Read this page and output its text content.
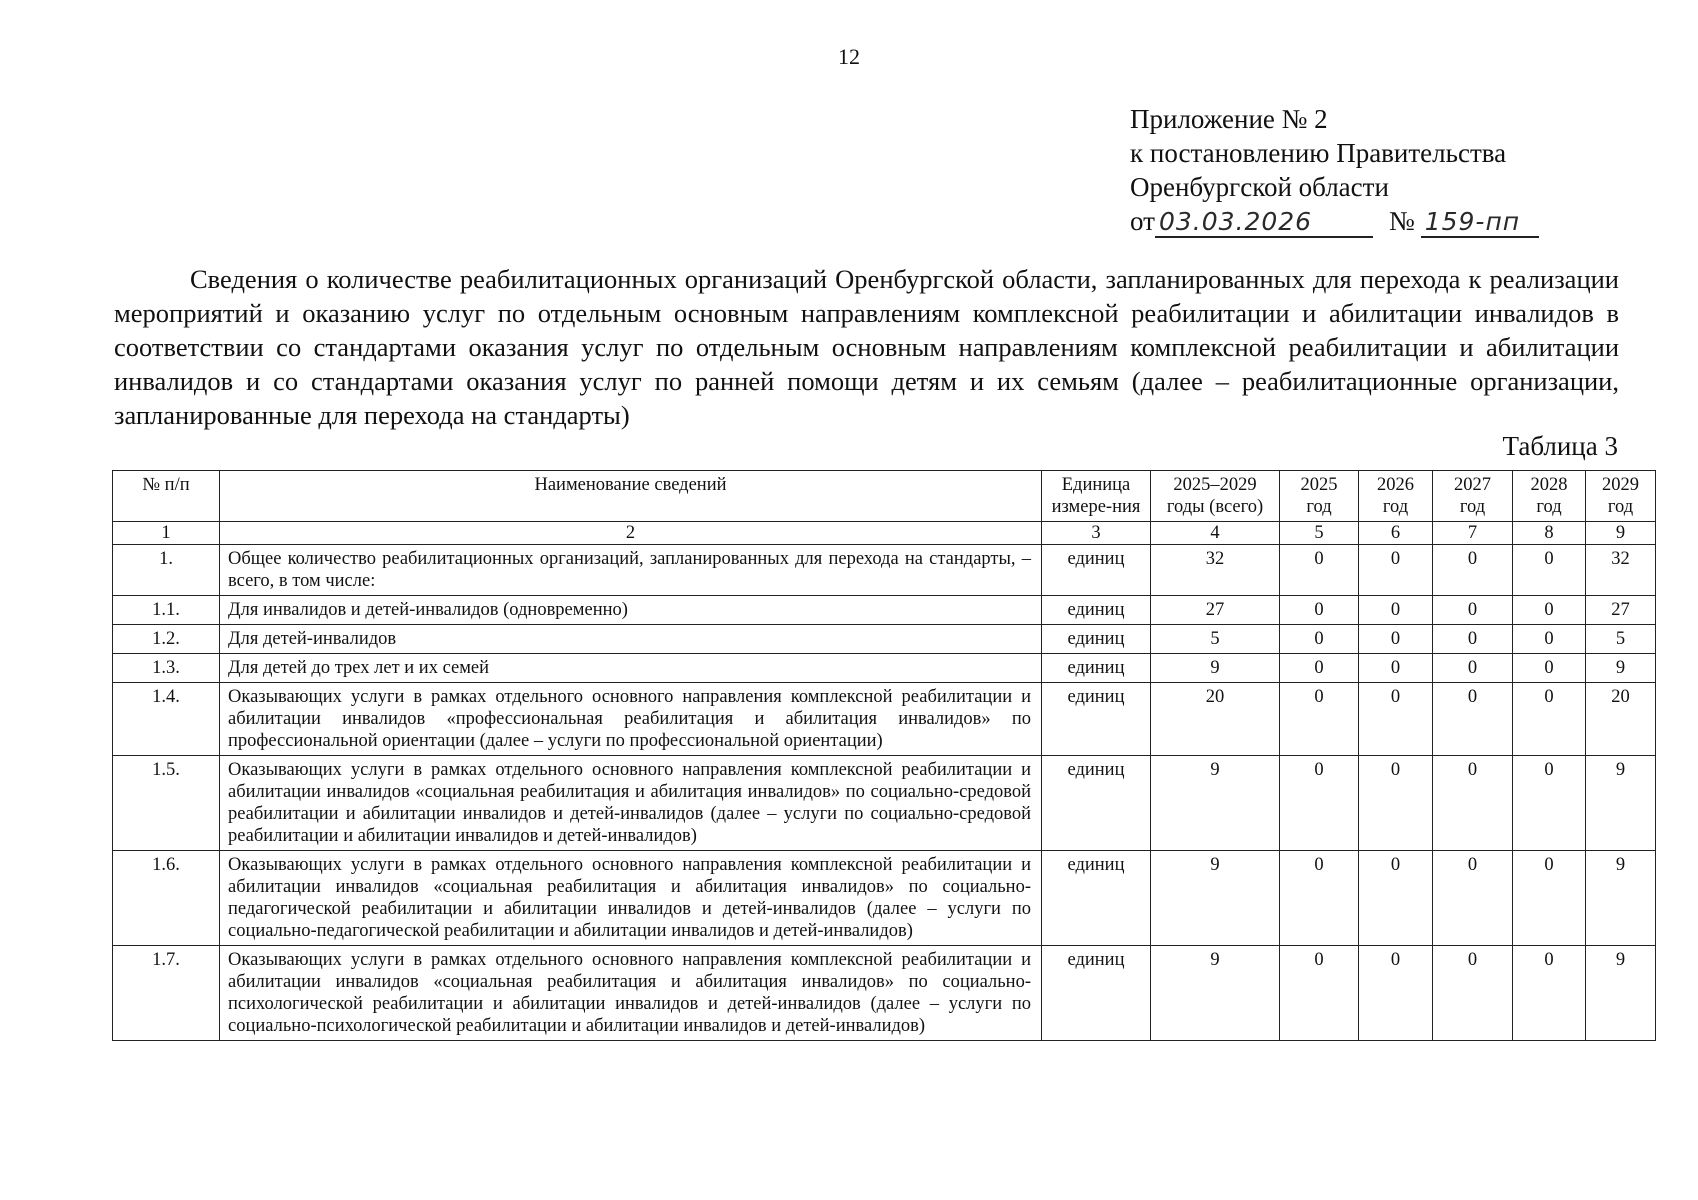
12
Приложение № 2
к постановлению Правительства
Оренбургской области
от 03.03.2026	№ 159-пп

Сведения о количестве реабилитационных организаций Оренбургской области, запланированных для перехода к реализации мероприятий и оказанию услуг по отдельным основным направлениям комплексной реабилитации и абилитации инвалидов в соответствии со стандартами оказания услуг по отдельным основным направлениям комплексной реабилитации и абилитации инвалидов и со стандартами оказания услуг по ранней помощи детям и их семьям (далее – реабилитационные организации, запланированные для перехода на стандарты)

Таблица 3
№ п/п	Наименование сведений	Единица измере-ния	2025–2029 годы (всего)	2025 год	2026 год	2027 год	2028 год	2029 год
1	2	3	4	5	6	7	8	9
1.	Общее количество реабилитационных организаций, запланированных для перехода на стандарты, – всего, в том числе:	единиц	32	0	0	0	0	32
1.1.	Для инвалидов и детей-инвалидов (одновременно)	единиц	27	0	0	0	0	27
1.2.	Для детей-инвалидов	единиц	5	0	0	0	0	5
1.3.	Для детей до трех лет и их семей	единиц	9	0	0	0	0	9
1.4.	Оказывающих услуги в рамках отдельного основного направления комплексной реабилитации и абилитации инвалидов «профессиональная реабилитация и абилитация инвалидов» по профессиональной ориентации (далее – услуги по профессиональной ориентации)	единиц	20	0	0	0	0	20
1.5.	Оказывающих услуги в рамках отдельного основного направления комплексной реабилитации и абилитации инвалидов «социальная реабилитация и абилитация инвалидов» по социально-средовой реабилитации и абилитации инвалидов и детей-инвалидов (далее – услуги по социально-средовой реабилитации и абилитации инвалидов и детей-инвалидов)	единиц	9	0	0	0	0	9
1.6.	Оказывающих услуги в рамках отдельного основного направления комплексной реабилитации и абилитации инвалидов «социальная реабилитация и абилитация инвалидов» по социально-педагогической реабилитации и абилитации инвалидов и детей-инвалидов (далее – услуги по социально-педагогической реабилитации и абилитации инвалидов и детей-инвалидов)	единиц	9	0	0	0	0	9
1.7.	Оказывающих услуги в рамках отдельного основного направления комплексной реабилитации и абилитации инвалидов «социальная реабилитация и абилитация инвалидов» по социально-психологической реабилитации и абилитации инвалидов и детей-инвалидов (далее – услуги по социально-психологической реабилитации и абилитации инвалидов и детей-инвалидов)	единиц	9	0	0	0	0	9
